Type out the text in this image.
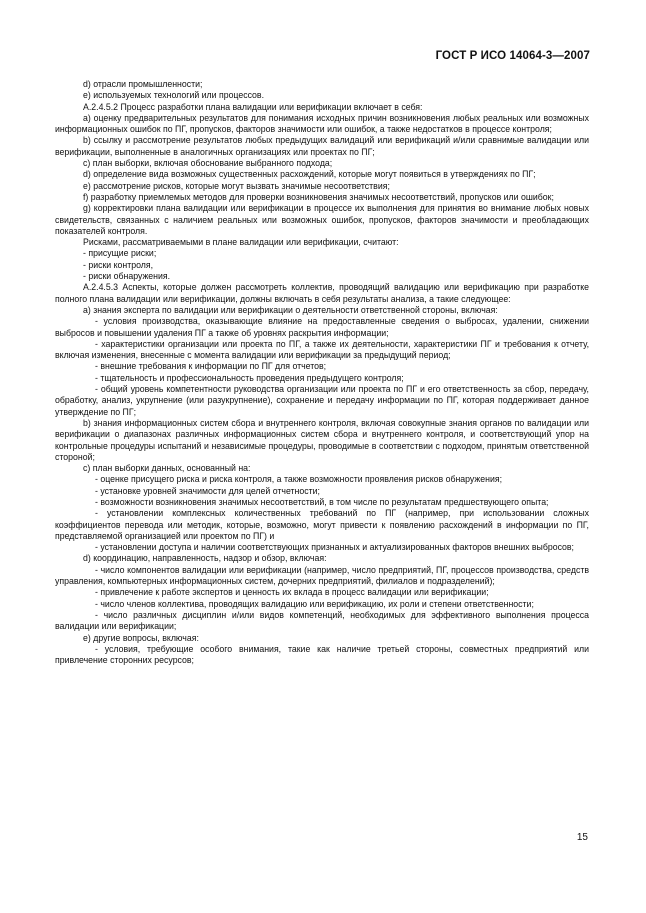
ГОСТ Р ИСО 14064-3—2007

d) отрасли промышленности;

e) используемых технологий или процессов.

А.2.4.5.2 Процесс разработки плана валидации или верификации включает в себя:

а) оценку предварительных результатов для понимания исходных причин возникновения любых реальных или возможных информационных ошибок по ПГ, пропусков, факторов значимости или ошибок, а также недостатков в процессе контроля;

b) ссылку и рассмотрение результатов любых предыдущих валидаций или верификаций и/или сравнимые валидации или верификации, выполненные в аналогичных организациях или проектах по ПГ;

c) план выборки, включая обоснование выбранного подхода;

d) определение вида возможных существенных расхождений, которые могут появиться в утверждениях по ПГ;

e) рассмотрение рисков, которые могут вызвать значимые несоответствия;

f) разработку приемлемых методов для проверки возникновения значимых несоответствий, пропусков или ошибок;

g) корректировки плана валидации или верификации в процессе их выполнения для принятия во внимание любых новых свидетельств, связанных с наличием реальных или возможных ошибок, пропусков, факторов значимости и преобладающих показателей контроля.

Рисками, рассматриваемыми в плане валидации или верификации, считают:

- присущие риски;

- риски контроля,

- риски обнаружения.

А.2.4.5.3 Аспекты, которые должен рассмотреть коллектив, проводящий валидацию или верификацию при разработке полного плана валидации или верификации, должны включать в себя результаты анализа, а такие следующее:

а) знания эксперта по валидации или верификации о деятельности ответственной стороны, включая:

- условия производства, оказывающие влияние на предоставленные сведения о выбросах, удалении, снижении выбросов и повышении удаления ПГ а также об уровнях раскрытия информации;

- характеристики организации или проекта по ПГ, а также их деятельности, характеристики ПГ и требования к отчету, включая изменения, внесенные с момента валидации или верификации за предыдущий период;

- внешние требования к информации по ПГ для отчетов;

- тщательность и профессиональность проведения предыдущего контроля;

- общий уровень компетентности руководства организации или проекта по ПГ и его ответственность за сбор, передачу, обработку, анализ, укрупнение (или разукрупнение), сохранение и передачу информации по ПГ, которая поддерживает данное утверждение по ПГ;

b) знания информационных систем сбора и внутреннего контроля, включая совокупные знания органов по валидации или верификации о диапазонах различных информационных систем сбора и внутреннего контроля, и соответствующий упор на контрольные процедуры испытаний и независимые процедуры, проводимые в соответствии с подходом, принятым ответственной стороной;

c) план выборки данных, основанный на:

- оценке присущего риска и риска контроля, а также возможности проявления рисков обнаружения;

- установке уровней значимости для целей отчетности;

- возможности возникновения значимых несоответствий, в том числе по результатам предшествующего опыта;

- установлении комплексных количественных требований по ПГ (например, при использовании сложных коэффициентов перевода или методик, которые, возможно, могут привести к появлению расхождений в информации по ПГ, представляемой организацией или проектом по ПГ) и

- установлении доступа и наличии соответствующих признанных и актуализированных факторов внешних выбросов;

d) координацию, направленность, надзор и обзор, включая:

- число компонентов валидации или верификации (например, число предприятий, ПГ, процессов производства, средств управления, компьютерных информационных систем, дочерних предприятий, филиалов и подразделений);

- привлечение к работе экспертов и ценность их вклада в процесс валидации или верификации;

- число членов коллектива, проводящих валидацию или верификацию, их роли и степени ответственности;

- число различных дисциплин и/или видов компетенций, необходимых для эффективного выполнения процесса валидации или верификации;

e) другие вопросы, включая:

- условия, требующие особого внимания, такие как наличие третьей стороны, совместных предприятий или привлечение сторонних ресурсов;

15
